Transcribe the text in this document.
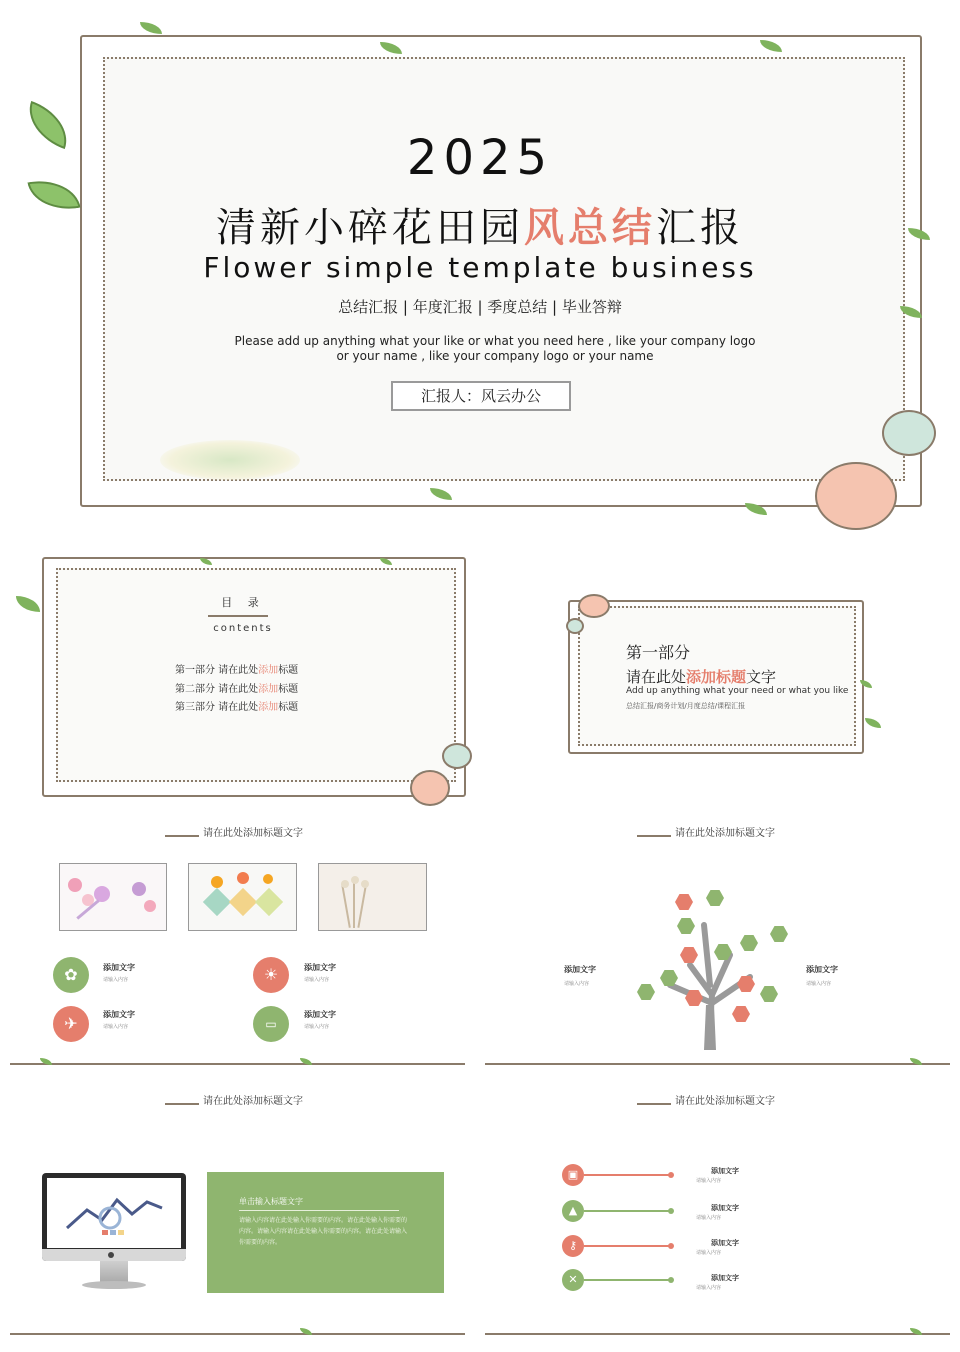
2025
清新小碎花田园风总结汇报
Flower simple template business
总结汇报 | 年度汇报 | 季度总结 | 毕业答辩
Please add up anything what your like or what you need here , like your company logo
or your name , like your company logo or your name
汇报人：风云办公
目 录
contents
第一部分 请在此处添加标题
第二部分 请在此处添加标题
第三部分 请在此处添加标题
第一部分
请在此处添加标题文字
Add up anything what your need or what you like
总结汇报/商务计划/月度总结/课程汇报
请在此处添加标题文字
✿	添加文字
请输入内容	☀	添加文字
请输入内容
✈	添加文字
请输入内容	▭
添加文字
请输入内容
请在此处添加标题文字
添加文字
请输入内容
添加文字
请输入内容
请在此处添加标题文字
单击输入标题文字
请输入内容请在此处输入你需要的内容。请在此处输入你需要的内容。请输入内容请在此处输入你需要的内容。请在此处请输入你需要的内容。
请在此处添加标题文字
▣	添加文字
请输入内容
▲	添加文字
请输入内容
⚷	添加文字
请输入内容
✕	添加文字
请输入内容
